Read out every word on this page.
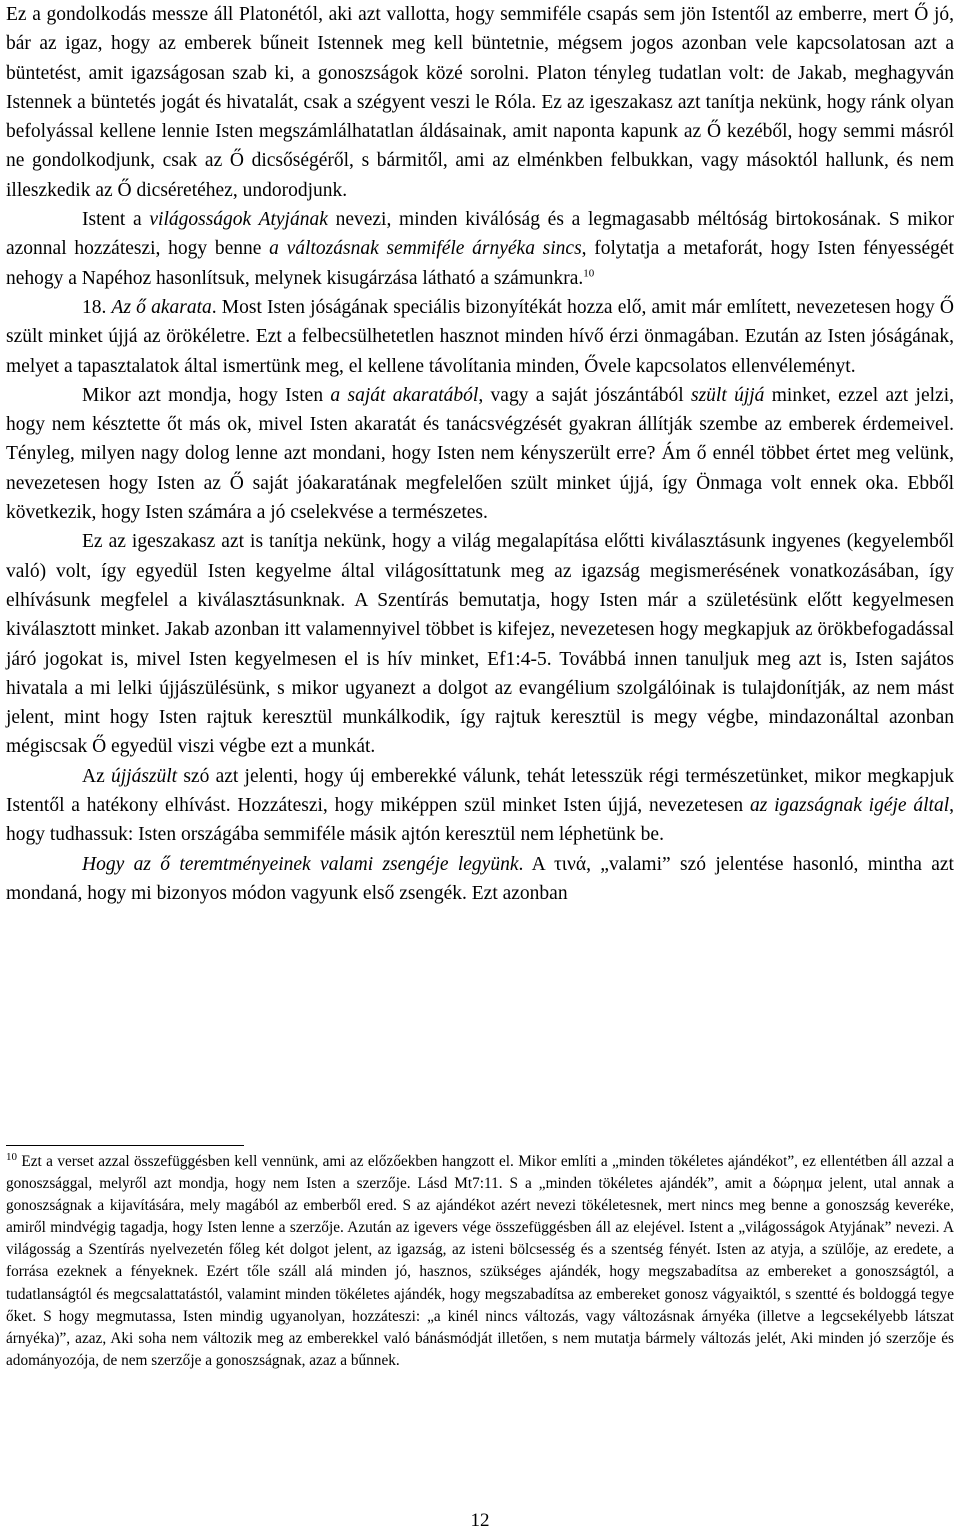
Ez a gondolkodás messze áll Platonétól, aki azt vallotta, hogy semmiféle csapás sem jön Istentől az emberre, mert Ő jó, bár az igaz, hogy az emberek bűneit Istennek meg kell büntetnie, mégsem jogos azonban vele kapcsolatosan azt a büntetést, amit igazságosan szab ki, a gonoszságok közé sorolni. Platon tényleg tudatlan volt: de Jakab, meghagyván Istennek a büntetés jogát és hivatalát, csak a szégyent veszi le Róla. Ez az igeszakasz azt tanítja nekünk, hogy ránk olyan befolyással kellene lennie Isten megszámlálhatatlan áldásainak, amit naponta kapunk az Ő kezéből, hogy semmi másról ne gondolkodjunk, csak az Ő dicsőségéről, s bármitől, ami az elménkben felbukkan, vagy másoktól hallunk, és nem illeszkedik az Ő dicséretéhez, undorodjunk.

Istent a világosságok Atyjának nevezi, minden kiválóság és a legmagasabb méltóság birtokosának. S mikor azonnal hozzáteszi, hogy benne a változásnak semmiféle árnyéka sincs, folytatja a metaforát, hogy Isten fényességét nehogy a Napéhoz hasonlítsuk, melynek kisugárzása látható a számunkra.$^{10}$

18. Az ő akarata. Most Isten jóságának speciális bizonyítékát hozza elő, amit már említett, nevezetesen hogy Ő szült minket újjá az örökéletre. Ezt a felbecsülhetetlen hasznot minden hívő érzi önmagában. Ezután az Isten jóságának, melyet a tapasztalatok által ismertünk meg, el kellene távolítania minden, Ővele kapcsolatos ellenvéleményt.

Mikor azt mondja, hogy Isten a saját akaratából, vagy a saját jószántából szült újjá minket, ezzel azt jelzi, hogy nem késztette őt más ok, mivel Isten akaratát és tanácsvégzését gyakran állítják szembe az emberek érdemeivel. Tényleg, milyen nagy dolog lenne azt mondani, hogy Isten nem kényszerült erre? Ám ő ennél többet értet meg velünk, nevezetesen hogy Isten az Ő saját jóakaratának megfelelően szült minket újjá, így Önmaga volt ennek oka. Ebből következik, hogy Isten számára a jó cselekvése a természetes.

Ez az igeszakasz azt is tanítja nekünk, hogy a világ megalapítása előtti kiválasztásunk ingyenes (kegyelemből való) volt, így egyedül Isten kegyelme által világosíttatunk meg az igazság megismerésének vonatkozásában, így elhívásunk megfelel a kiválasztásunknak. A Szentírás bemutatja, hogy Isten már a születésünk előtt kegyelmesen kiválasztott minket. Jakab azonban itt valamennyivel többet is kifejez, nevezetesen hogy megkapjuk az örökbefogadással járó jogokat is, mivel Isten kegyelmesen el is hív minket, Ef1:4-5. Továbbá innen tanuljuk meg azt is, Isten sajátos hivatala a mi lelki újjászülésünk, s mikor ugyanezt a dolgot az evangélium szolgálóinak is tulajdonítják, az nem mást jelent, mint hogy Isten rajtuk keresztül munkálkodik, így rajtuk keresztül is megy végbe, mindazonáltal azonban mégiscsak Ő egyedül viszi végbe ezt a munkát.

Az újjászült szó azt jelenti, hogy új emberekké válunk, tehát letesszük régi természetünket, mikor megkapjuk Istentől a hatékony elhívást. Hozzáteszi, hogy miképpen szül minket Isten újjá, nevezetesen az igazságnak igéje által, hogy tudhassuk: Isten országába semmiféle másik ajtón keresztül nem léphetünk be.

Hogy az ő teremtményeinek valami zsengéje legyünk. A τινά, „valami” szó jelentése hasonló, mintha azt mondaná, hogy mi bizonyos módon vagyunk első zsengék. Ezt azonban

$^{10}$ Ezt a verset azzal összefüggésben kell vennünk, ami az előzőekben hangzott el. Mikor említi a „minden tökéletes ajándékot”, ez ellentétben áll azzal a gonoszsággal, melyről azt mondja, hogy nem Isten a szerzője. Lásd Mt7:11. S a „minden tökéletes ajándék”, amit a δώρημα jelent, utal annak a gonoszságnak a kijavítására, mely magából az emberből ered. S az ajándékot azért nevezi tökéletesnek, mert nincs meg benne a gonoszság keveréke, amiről mindvégig tagadja, hogy Isten lenne a szerzője. Azután az igevers vége összefüggésben áll az elejével. Istent a „világosságok Atyjának” nevezi. A világosság a Szentírás nyelvezetén főleg két dolgot jelent, az igazság, az isteni bölcsesség és a szentség fényét. Isten az atyja, a szülője, az eredete, a forrása ezeknek a fényeknek. Ezért tőle száll alá minden jó, hasznos, szükséges ajándék, hogy megszabadítsa az embereket a gonoszságtól, a tudatlanságtól és megcsalattatástól, valamint minden tökéletes ajándék, hogy megszabadítsa az embereket gonosz vágyaiktól, s szentté és boldoggá tegye őket. S hogy megmutassa, Isten mindig ugyanolyan, hozzáteszi: „a kinél nincs változás, vagy változásnak árnyéka (illetve a legcsekélyebb látszat árnyéka)”, azaz, Aki soha nem változik meg az emberekkel való bánásmódját illetően, s nem mutatja bármely változás jelét, Aki minden jó szerzője és adományozója, de nem szerzője a gonoszságnak, azaz a bűnnek.

12
